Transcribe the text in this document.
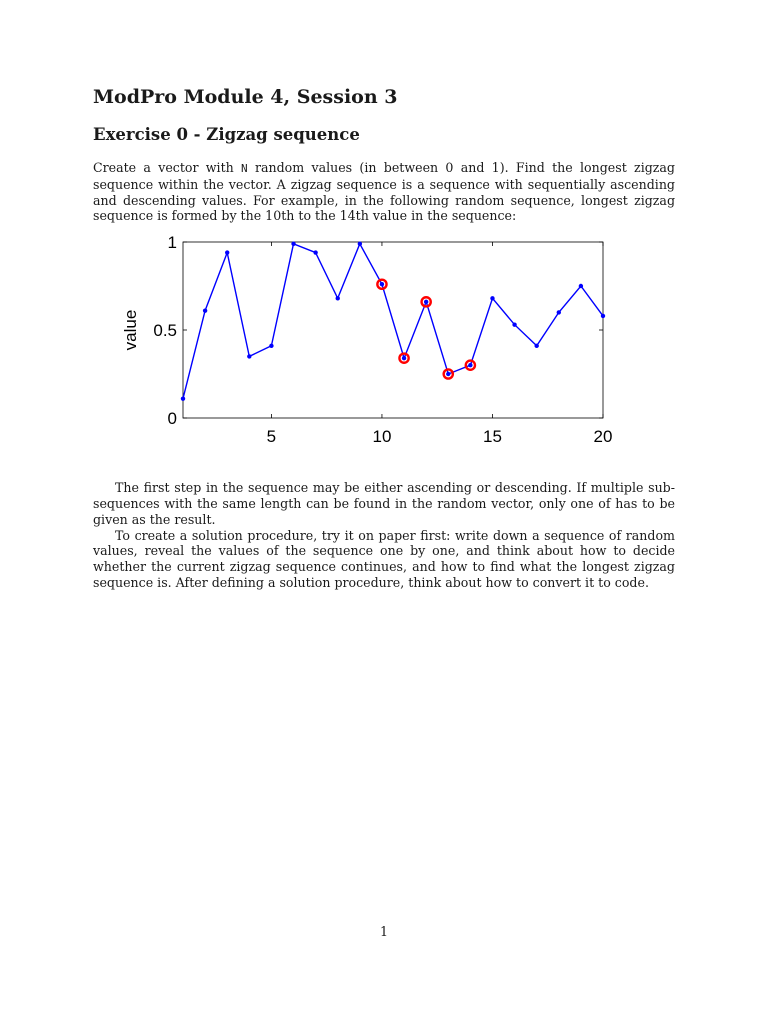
ModPro Module 4, Session 3
Exercise 0 - Zigzag sequence

Create a vector with N random values (in between 0 and 1). Find the longest zigzag sequence within the vector. A zigzag sequence is a sequence with sequentially ascending and descending values. For example, in the following random sequence, longest zigzag sequence is formed by the 10th to the 14th value in the sequence:

5	10	15	20
0
0.5
1
value

The first step in the sequence may be either ascending or descending. If multiple sub-sequences with the same length can be found in the random vector, only one of has to be given as the result.

To create a solution procedure, try it on paper first: write down a sequence of random values, reveal the values of the sequence one by one, and think about how to decide whether the current zigzag sequence continues, and how to find what the longest zigzag sequence is. After defining a solution procedure, think about how to convert it to code.

1
